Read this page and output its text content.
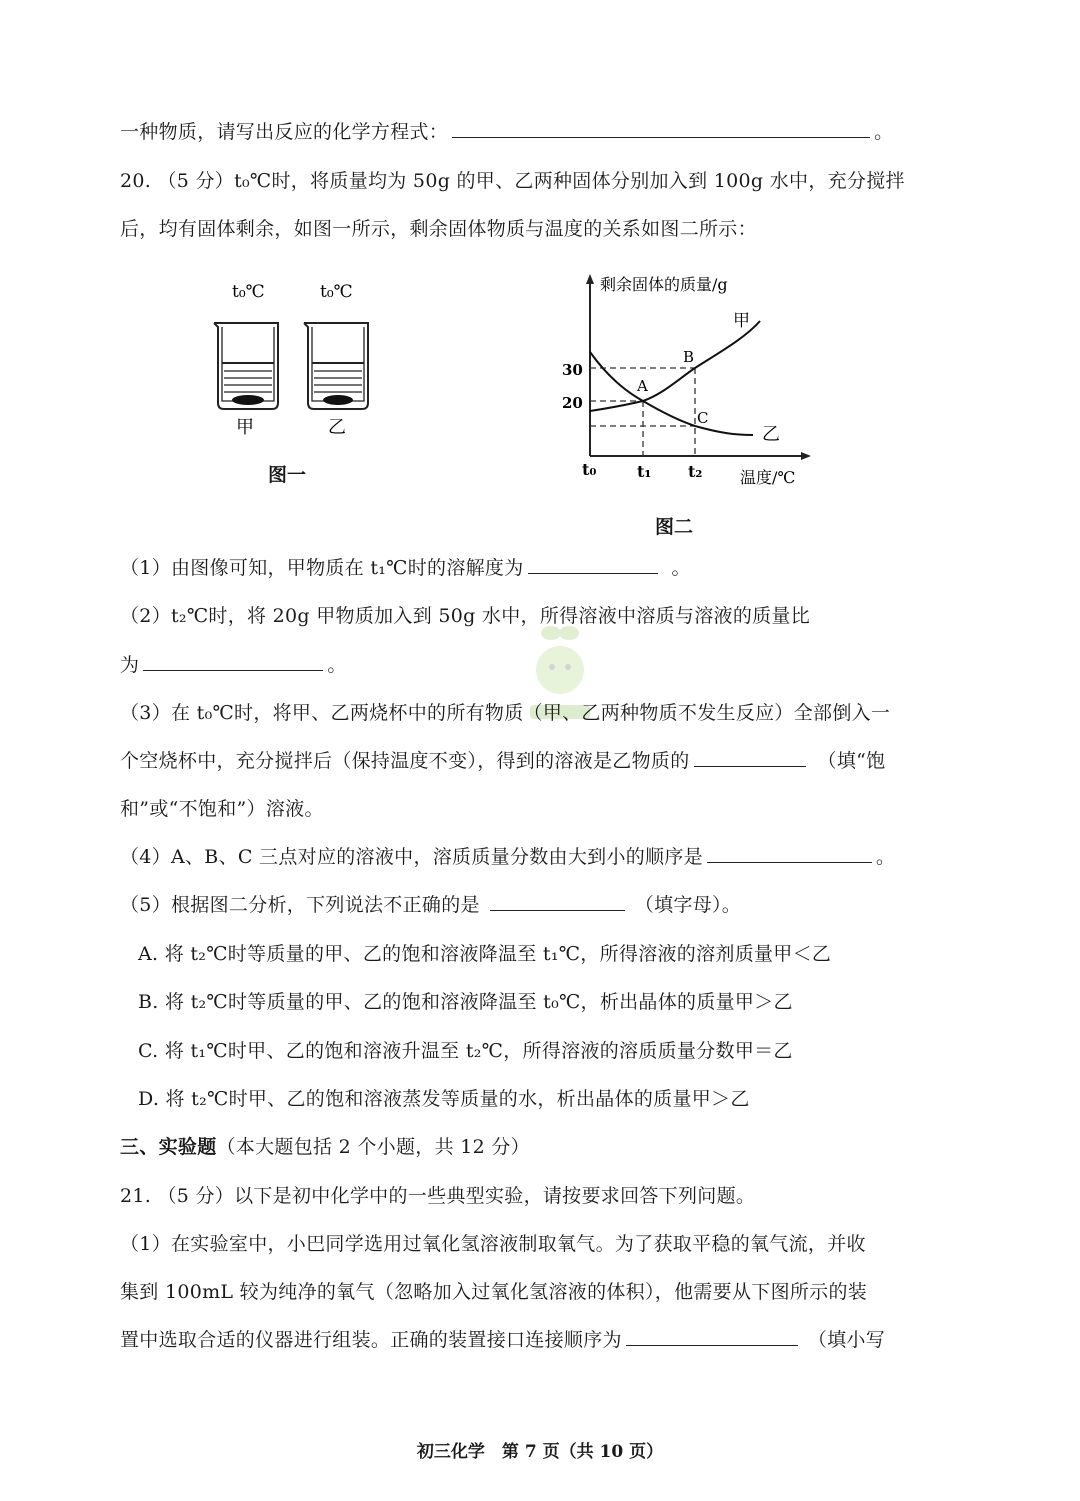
一种物质，请写出反应的化学方程式：	。
20. （5 分）t₀℃时，将质量均为 50g 的甲、乙两种固体分别加入到 100g 水中，充分搅拌
后，均有固体剩余，如图一所示，剩余固体物质与温度的关系如图二所示：
t₀℃	t₀℃
甲	乙
图一
剩余固体的质量/g
温度/℃
30
20
t₀	t₁ t₂
A
B
C
甲
乙
图二
（1）由图像可知，甲物质在 t₁℃时的溶解度为	。
（2）t₂℃时，将 20g 甲物质加入到 50g 水中，所得溶液中溶质与溶液的质量比
为	。
（3）在 t₀℃时，将甲、乙两烧杯中的所有物质（甲、乙两种物质不发生反应）全部倒入一
个空烧杯中，充分搅拌后（保持温度不变），得到的溶液是乙物质的	（填“饱
和”或“不饱和”）溶液。
（4）A、B、C 三点对应的溶液中，溶质质量分数由大到小的顺序是	。
（5）根据图二分析，下列说法不正确的是	（填字母）。
A. 将 t₂℃时等质量的甲、乙的饱和溶液降温至 t₁℃，所得溶液的溶剂质量甲＜乙
B. 将 t₂℃时等质量的甲、乙的饱和溶液降温至 t₀℃，析出晶体的质量甲＞乙
C. 将 t₁℃时甲、乙的饱和溶液升温至 t₂℃，所得溶液的溶质质量分数甲＝乙
D. 将 t₂℃时甲、乙的饱和溶液蒸发等质量的水，析出晶体的质量甲＞乙
三、实验题（本大题包括 2 个小题，共 12 分）
21. （5 分）以下是初中化学中的一些典型实验，请按要求回答下列问题。
（1）在实验室中，小巴同学选用过氧化氢溶液制取氧气。为了获取平稳的氧气流，并收
集到 100mL 较为纯净的氧气（忽略加入过氧化氢溶液的体积），他需要从下图所示的装
置中选取合适的仪器进行组装。正确的装置接口连接顺序为	（填小写
初三化学　第 7 页（共 10 页）
